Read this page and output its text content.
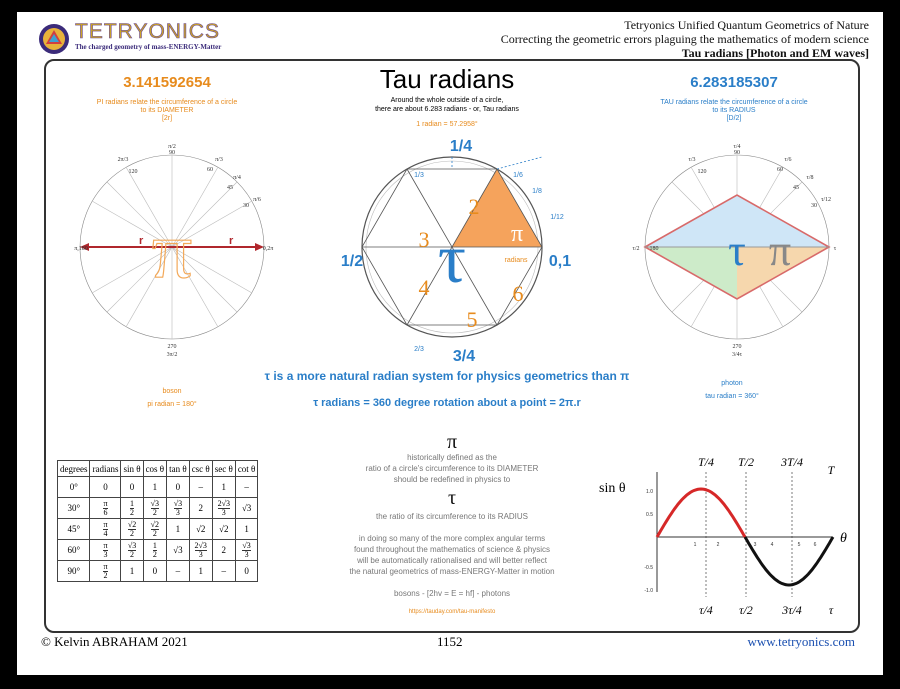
TETRYONICS
The charged geometry of mass-ENERGY-Matter
Tetryonics Unified Quantum Geometrics of Nature
Correcting the geometric errors plaguing the mathematics of modern science
Tau radians [Photon and EM waves]
Tau radians
Around the whole outside of a circle,
there are about 6.283 radians - or, Tau radians
1 radian = 57.2958°
3.141592654
PI radians relate the circumference of a circle
to its DIAMETER
[2r]
6.283185307
TAU radians relate the circumference of a circle
to its RADIUS
[D/2]
π
r	r
π/2
90
π/3
60
π/4
45
π/6
30
2π/3
120
π,180	0,2π
270
3π/2
boson
pi radian = 180°
τ π
radians
2
3
4
5
6
1/4
1/2	0,1
3/4
1/3	1/6
1/8
1/12
2/3
τ π
τ/4
90
τ/6
60
τ/8
45
τ/12
30
τ/3
120
τ/2 180	τ
270
3/4τ
photon
tau radian = 360°
τ is a more natural radian system for physics geometrics than π
τ radians = 360 degree rotation about a point = 2π.r
π
historically defined as the
ratio of a circle's circumference to its DIAMETER
should be redefined in physics to
τ
the ratio of its circumference to its RADIUS
in doing so many of the more complex angular terms
found throughout the mathematics of science & physics
will be automatically rationalised and will better reflect
the natural geometrics of mass-ENERGY-Matter in motion
bosons - [2hv = E = hf] - photons
https://tauday.com/tau-manifesto
degrees	radians	sin θ	cos θ	tan θ	csc θ	sec θ	cot θ
0°	0	0	1	0	–	1	–
30°	$\frac{\pi}{6}$	$\frac{1}{2}$	$\frac{√3}{2}$	$\frac{√3}{3}$	2	$\frac{2√3}{3}$	√3
45°	$\frac{\pi}{4}$	$\frac{√2}{2}$	$\frac{√2}{2}$	1	√2	√2	1
60°	$\frac{\pi}{3}$	$\frac{√3}{2}$	$\frac{1}{2}$	√3	$\frac{2√3}{3}$	2	$\frac{√3}{3}$

90°	$\frac{\pi}{2}$	1	0	–	1	–	0
sin θ
θ
1.0
0.5
-0.5
-1.0
1	2	3	4	5	6
T/4 T/2 3T/4
T
τ/4 τ/2 3τ/4 τ
© Kelvin ABRAHAM 2021	1152	www.tetryonics.com
